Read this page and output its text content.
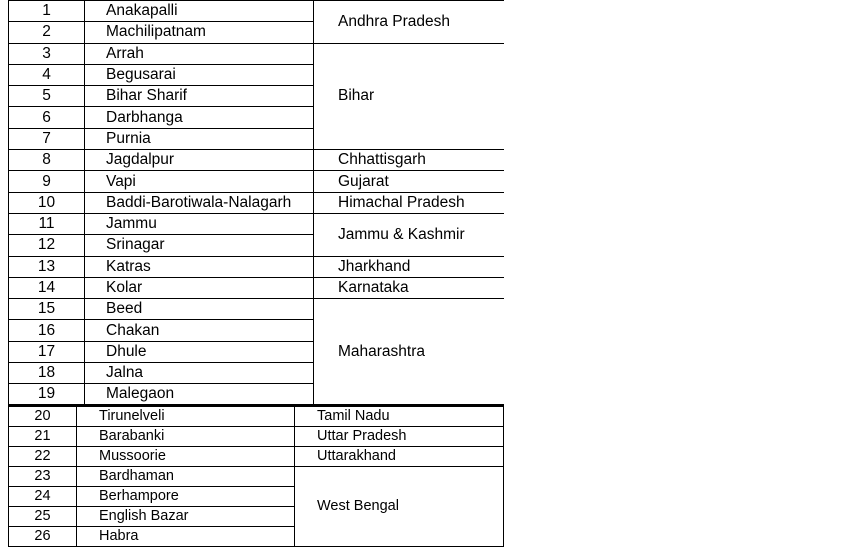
1	Anakapalli	Andhra Pradesh
2	Machilipatnam	
3	Arrah	Bihar
4	Begusarai	
5	Bihar Sharif	
6	Darbhanga	
7	Purnia	
8	Jagdalpur	Chhattisgarh
9	Vapi	Gujarat
10	Baddi-Barotiwala-Nalagarh	Himachal Pradesh
11	Jammu	Jammu & Kashmir
12	Srinagar	
13	Katras	Jharkhand
14	Kolar	Karnataka
15	Beed	Maharashtra
16	Chakan	
17	Dhule	
18	Jalna	
19	Malegaon	
20	Tirunelveli	Tamil Nadu
21	Barabanki	Uttar Pradesh
22	Mussoorie	Uttarakhand
23	Bardhaman	West Bengal
24	Berhampore	
25	English Bazar	
26	Habra	
